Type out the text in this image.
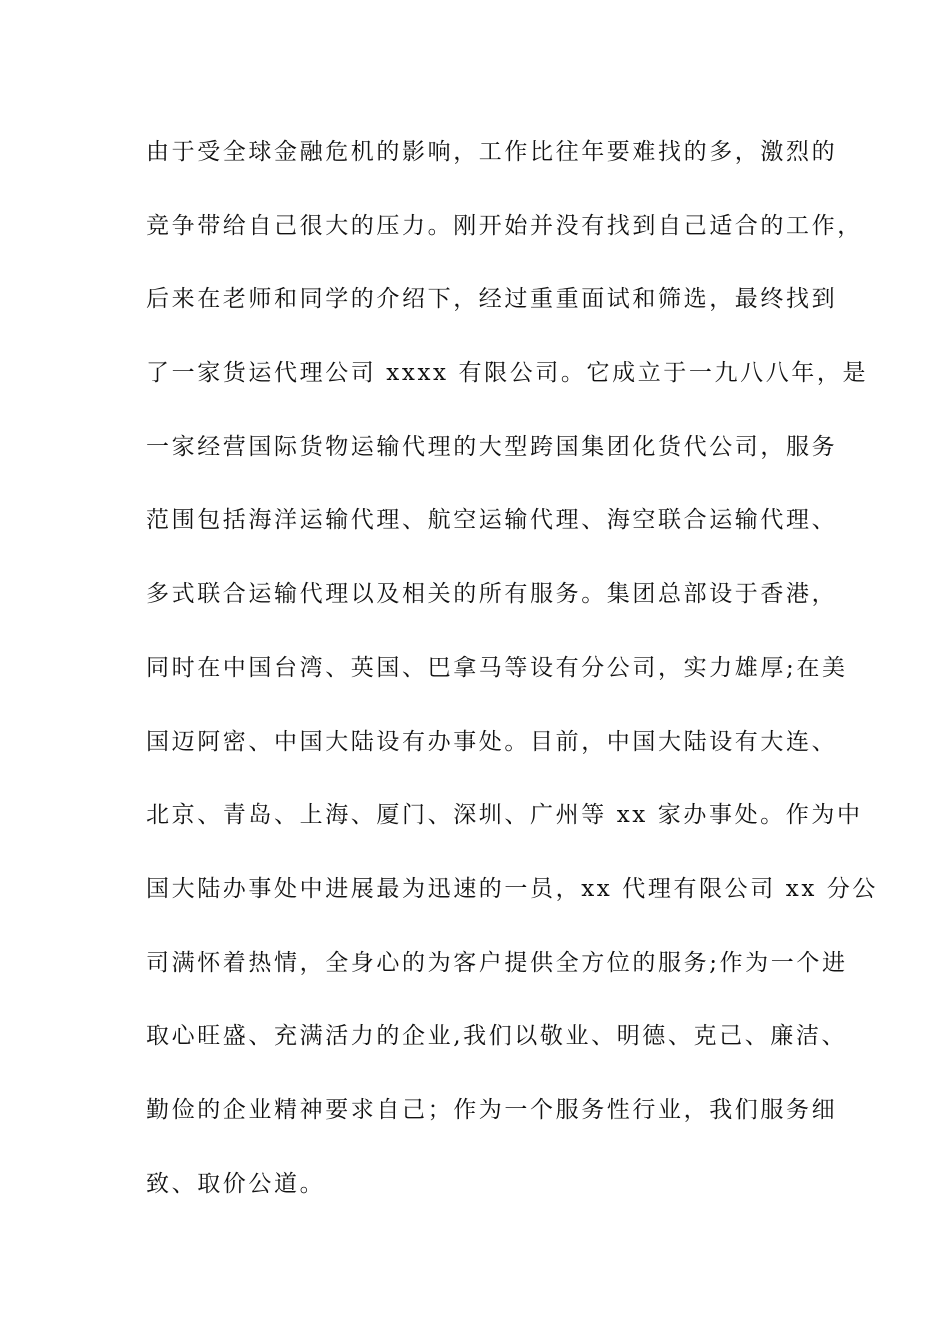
由于受全球金融危机的影响，工作比往年要难找的多，激烈的
竞争带给自己很大的压力。刚开始并没有找到自己适合的工作，
后来在老师和同学的介绍下，经过重重面试和筛选，最终找到
了一家货运代理公司 xxxx 有限公司。它成立于一九八八年，是
一家经营国际货物运输代理的大型跨国集团化货代公司，服务
范围包括海洋运输代理、航空运输代理、海空联合运输代理、
多式联合运输代理以及相关的所有服务。集团总部设于香港，
同时在中国台湾、英国、巴拿马等设有分公司，实力雄厚;在美
国迈阿密、中国大陆设有办事处。目前，中国大陆设有大连、
北京、青岛、上海、厦门、深圳、广州等 xx 家办事处。作为中
国大陆办事处中进展最为迅速的一员，xx 代理有限公司 xx 分公
司满怀着热情，全身心的为客户提供全方位的服务;作为一个进
取心旺盛、充满活力的企业,我们以敬业、明德、克己、廉洁、
勤俭的企业精神要求自己；作为一个服务性行业，我们服务细
致、取价公道。
